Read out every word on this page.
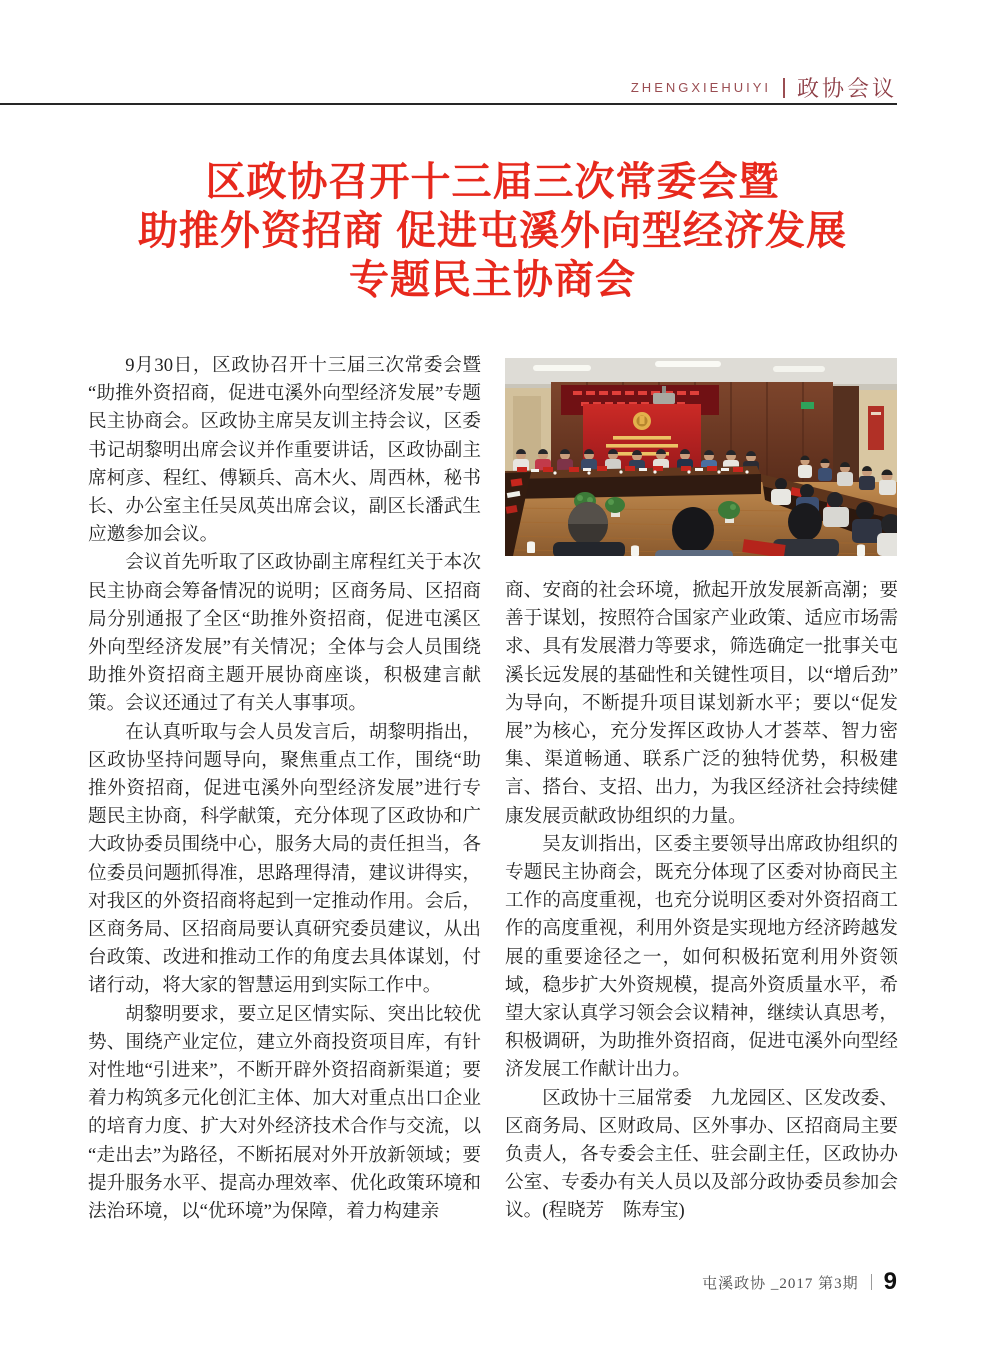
ZHENGXIEHUIYI 政协会议
区政协召开十三届三次常委会暨
助推外资招商 促进屯溪外向型经济发展
专题民主协商会

9月30日，区政协召开十三届三次常委会暨“助推外资招商，促进屯溪外向型经济发展”专题民主协商会。区政协主席吴友训主持会议，区委书记胡黎明出席会议并作重要讲话，区政协副主席柯彦、程红、傅颖兵、高木火、周西林，秘书长、办公室主任吴凤英出席会议，副区长潘武生应邀参加会议。

会议首先听取了区政协副主席程红关于本次民主协商会筹备情况的说明；区商务局、区招商局分别通报了全区“助推外资招商，促进屯溪区外向型经济发展”有关情况；全体与会人员围绕助推外资招商主题开展协商座谈，积极建言献策。会议还通过了有关人事事项。

在认真听取与会人员发言后，胡黎明指出，区政协坚持问题导向，聚焦重点工作，围绕“助推外资招商，促进屯溪外向型经济发展”进行专题民主协商，科学献策，充分体现了区政协和广大政协委员围绕中心，服务大局的责任担当，各位委员问题抓得准，思路理得清，建议讲得实，对我区的外资招商将起到一定推动作用。会后，区商务局、区招商局要认真研究委员建议，从出台政策、改进和推动工作的角度去具体谋划，付诸行动，将大家的智慧运用到实际工作中。

胡黎明要求，要立足区情实际、突出比较优势、围绕产业定位，建立外商投资项目库，有针对性地“引进来”，不断开辟外资招商新渠道；要着力构筑多元化创汇主体、加大对重点出口企业的培育力度、扩大对外经济技术合作与交流，以“走出去”为路径，不断拓展对外开放新领域；要提升服务水平、提高办理效率、优化政策环境和法治环境，以“优环境”为保障，着力构建亲

商、安商的社会环境，掀起开放发展新高潮；要善于谋划，按照符合国家产业政策、适应市场需求、具有发展潜力等要求，筛选确定一批事关屯溪长远发展的基础性和关键性项目，以“增后劲”为导向，不断提升项目谋划新水平；要以“促发展”为核心，充分发挥区政协人才荟萃、智力密集、渠道畅通、联系广泛的独特优势，积极建言、搭台、支招、出力，为我区经济社会持续健康发展贡献政协组织的力量。

吴友训指出，区委主要领导出席政协组织的专题民主协商会，既充分体现了区委对协商民主工作的高度重视，也充分说明区委对外资招商工作的高度重视，利用外资是实现地方经济跨越发展的重要途径之一，如何积极拓宽利用外资领域，稳步扩大外资规模，提高外资质量水平，希望大家认真学习领会会议精神，继续认真思考，积极调研，为助推外资招商，促进屯溪外向型经济发展工作献计出力。

区政协十三届常委　九龙园区、区发改委、区商务局、区财政局、区外事办、区招商局主要负责人，各专委会主任、驻会副主任，区政协办公室、专委办有关人员以及部分政协委员参加会议。(程晓芳　陈寿宝)

屯溪政协 _2017 第3期 9
